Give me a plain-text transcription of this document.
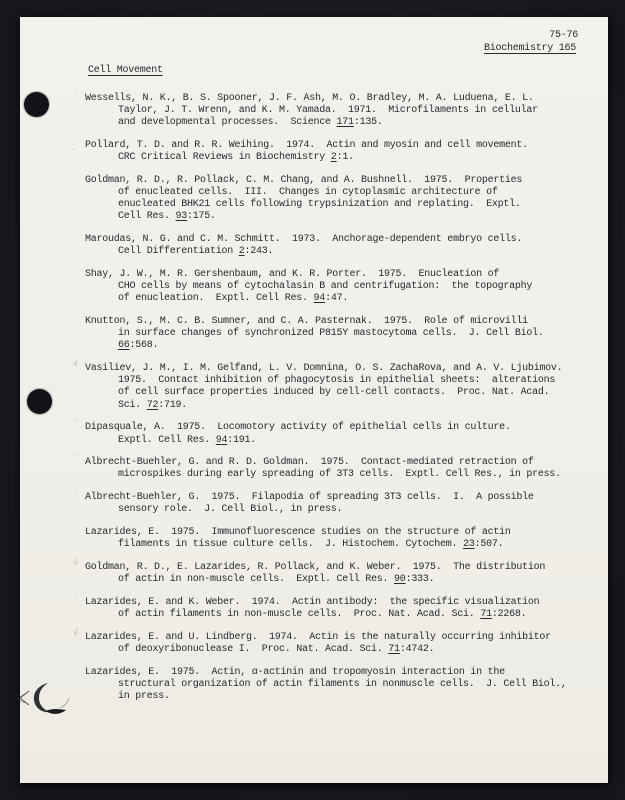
75-76
Biochemistry 165
Cell Movement
′ Wessells, N. K., B. S. Spooner, J. F. Ash, M. O. Bradley, M. A. Luduena, E. L.
Taylor, J. T. Wrenn, and K. M. Yamada.  1971.  Microfilaments in cellular
and developmental processes.  Science 171:135.
· Pollard, T. D. and R. R. Weihing.  1974.  Actin and myosin and cell movement.
CRC Critical Reviews in Biochemistry 2:1.
Goldman, R. D., R. Pollack, C. M. Chang, and A. Bushnell.  1975.  Properties
of enucleated cells.  III.  Changes in cytoplasmic architecture of
enucleated BHK21 cells following trypsinization and replating.  Exptl.
Cell Res. 93:175.
′ Maroudas, N. G. and C. M. Schmitt.  1973.  Anchorage-dependent embryo cells.
Cell Differentiation 2:243.
Shay, J. W., M. R. Gershenbaum, and K. R. Porter.  1975.  Enucleation of
CHO cells by means of cytochalasin B and centrifugation:  the topography
of enucleation.  Exptl. Cell Res. 94:47.
Knutton, S., M. C. B. Sumner, and C. A. Pasternak.  1975.  Role of microvilli
in surface changes of synchronized P815Y mastocytoma cells.  J. Cell Biol.
66:568.
√ Vasiliev, J. M., I. M. Gelfand, L. V. Domnina, O. S. ZachaRova, and A. V. Ljubimov.
1975.  Contact inhibition of phagocytosis in epithelial sheets:  alterations
of cell surface properties induced by cell-cell contacts.  Proc. Nat. Acad.
Sci. 72:719.
′ Dipasquale, A.  1975.  Locomotory activity of epithelial cells in culture.
Exptl. Cell Res. 94:191.
′ Albrecht-Buehler, G. and R. D. Goldman.  1975.  Contact-mediated retraction of
microspikes during early spreading of 3T3 cells.  Exptl. Cell Res., in press.
′ Albrecht-Buehler, G.  1975.  Filapodia of spreading 3T3 cells.  I.  A possible
sensory role.  J. Cell Biol., in press.
Lazarides, E.  1975.  Immunofluorescence studies on the structure of actin
filaments in tissue culture cells.  J. Histochem. Cytochem. 23:507.
√ Goldman, R. D., E. Lazarides, R. Pollack, and K. Weber.  1975.  The distribution
of actin in non-muscle cells.  Exptl. Cell Res. 90:333.
′ Lazarides, E. and K. Weber.  1974.  Actin antibody:  the specific visualization
of actin filaments in non-muscle cells.  Proc. Nat. Acad. Sci. 71:2268.
√ Lazarides, E. and U. Lindberg.  1974.  Actin is the naturally occurring inhibitor
of deoxyribonuclease I.  Proc. Nat. Acad. Sci. 71:4742.
Lazarides, E.  1975.  Actin, α-actinin and tropomyosin interaction in the
structural organization of actin filaments in nonmuscle cells.  J. Cell Biol.,
in press.
